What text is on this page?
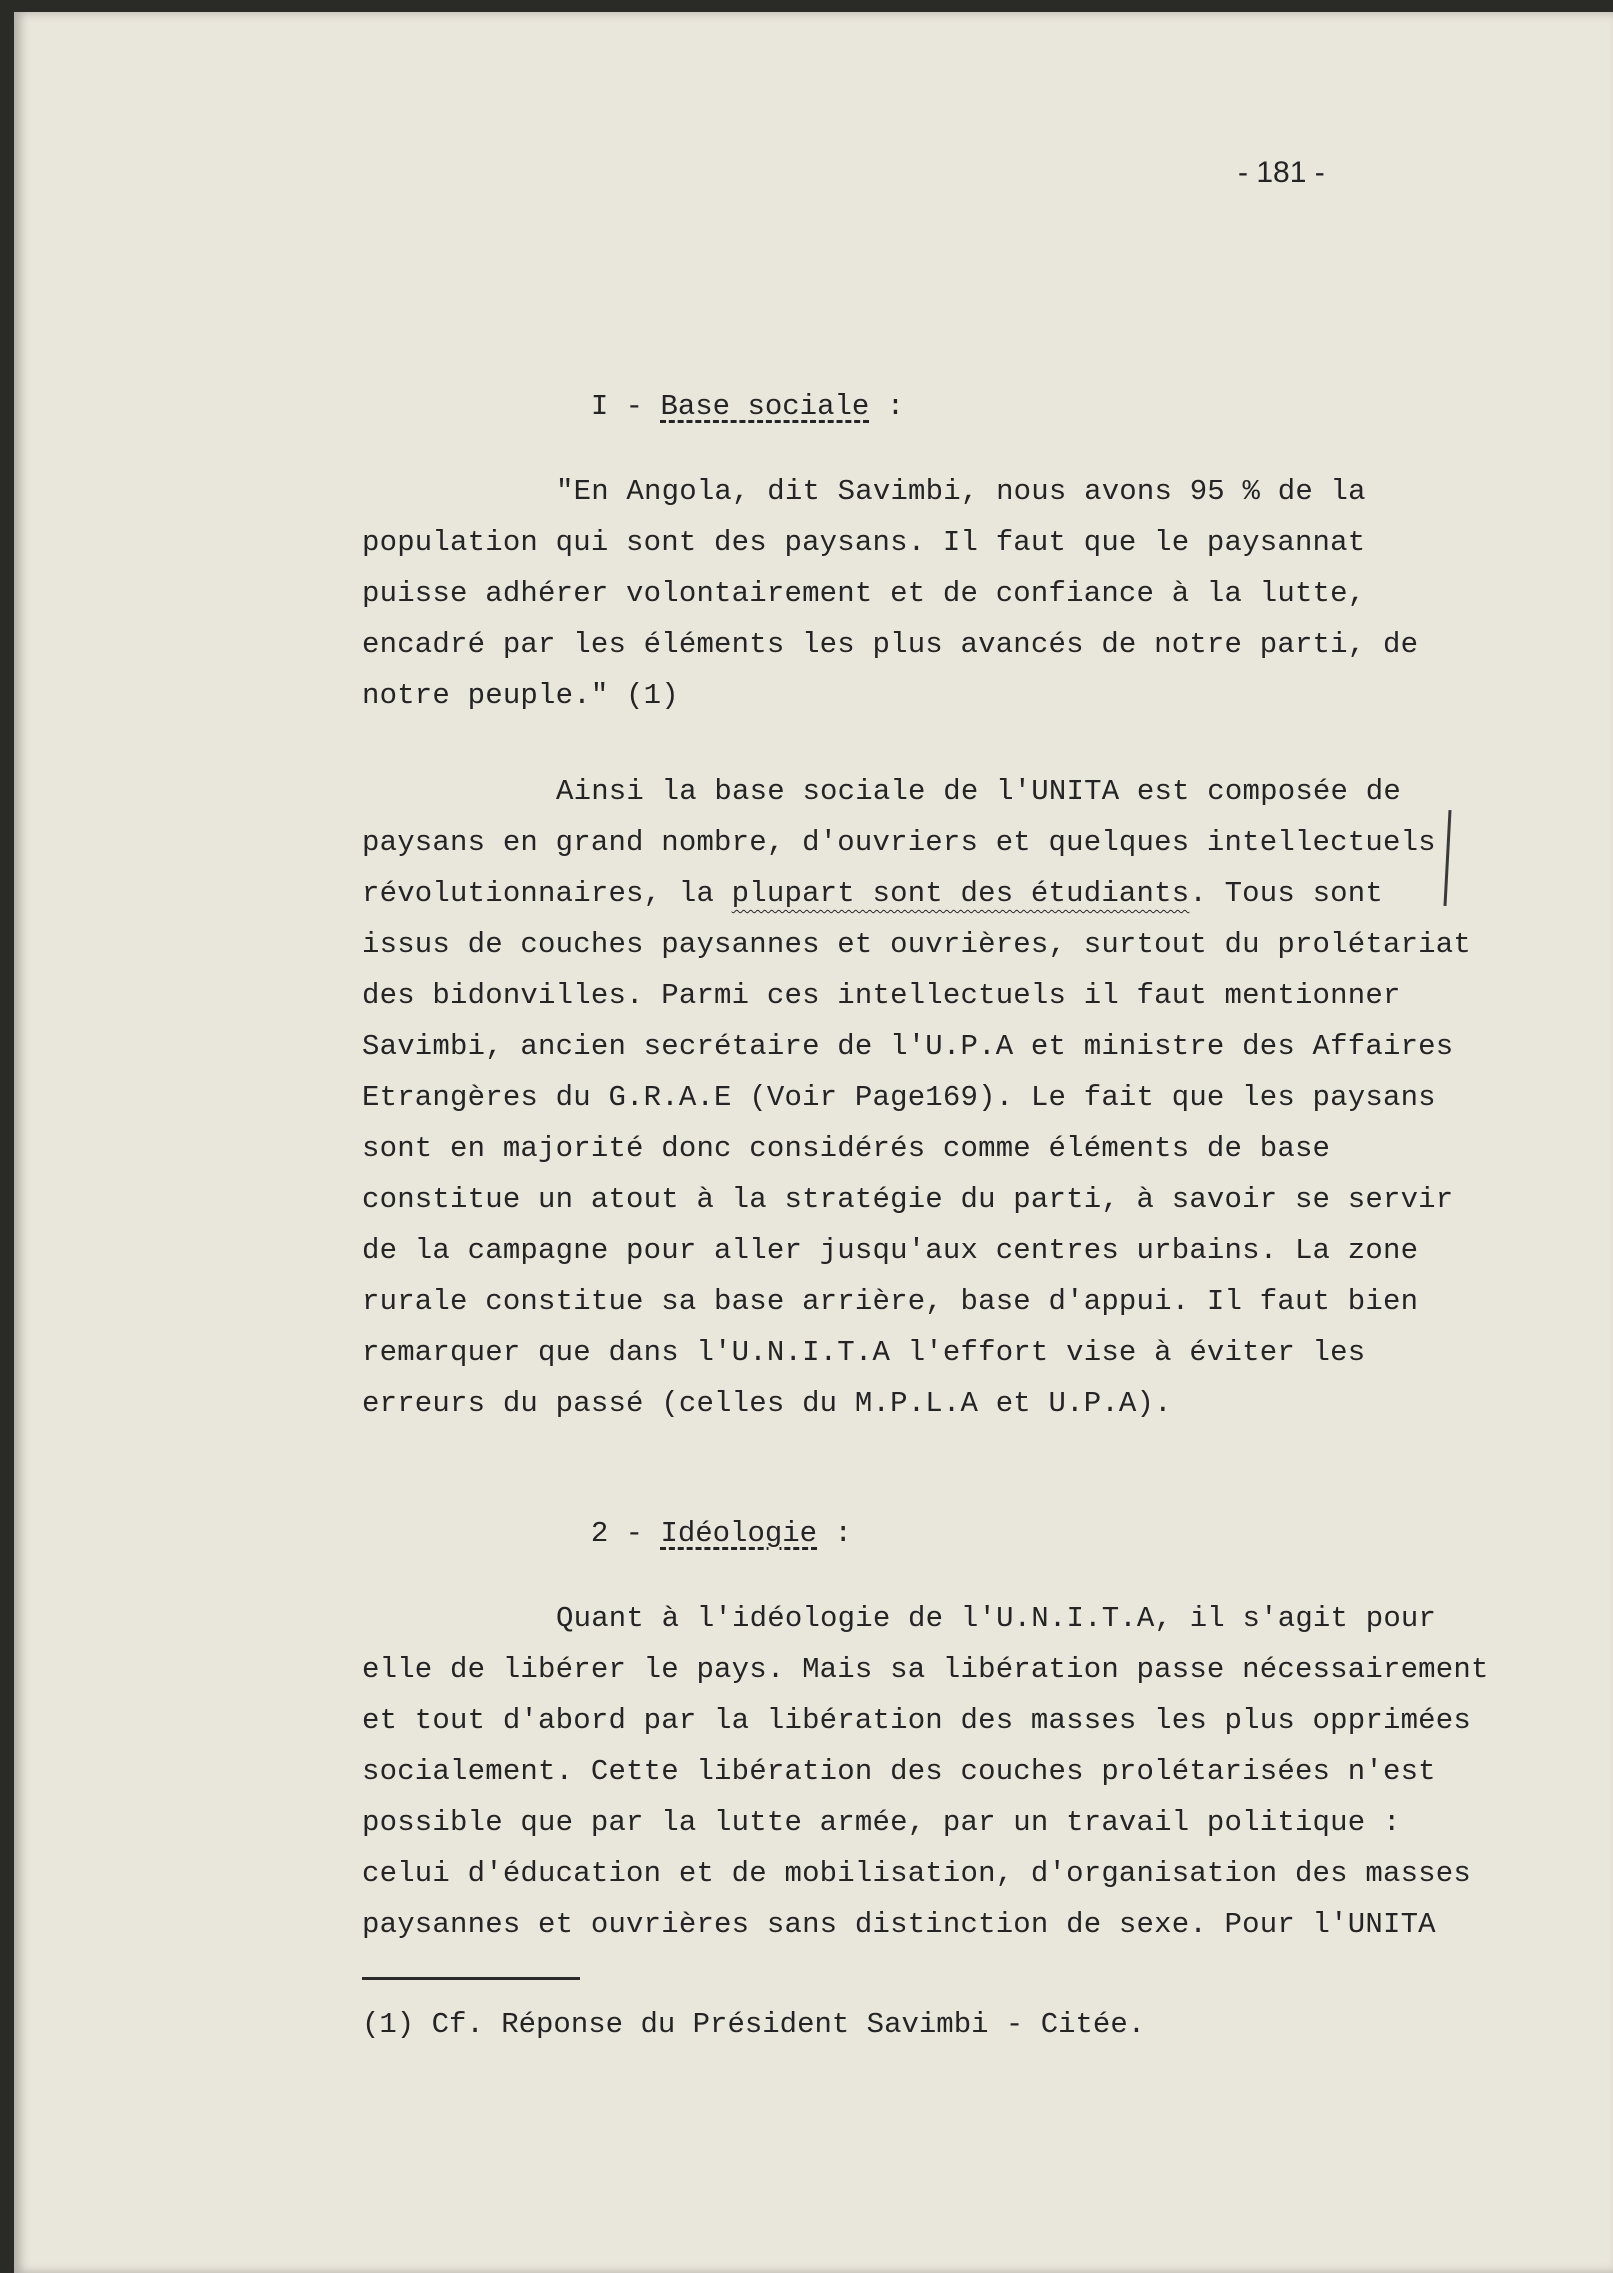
- 181 -

I - Base sociale :

"En Angola, dit Savimbi, nous avons 95 % de la

population qui sont des paysans. Il faut que le paysannat

puisse adhérer volontairement et de confiance à la lutte,

encadré par les éléments les plus avancés de notre parti, de

notre peuple." (1)

Ainsi la base sociale de l'UNITA est composée de

paysans en grand nombre, d'ouvriers et quelques intellectuels

révolutionnaires, la plupart sont des étudiants. Tous sont

issus de couches paysannes et ouvrières, surtout du prolétariat

des bidonvilles. Parmi ces intellectuels il faut mentionner

Savimbi, ancien secrétaire de l'U.P.A et ministre des Affaires

Etrangères du G.R.A.E (Voir Page169). Le fait que les paysans

sont en majorité donc considérés comme éléments de base

constitue un atout à la stratégie du parti, à savoir se servir

de la campagne pour aller jusqu'aux centres urbains. La zone

rurale constitue sa base arrière, base d'appui. Il faut bien

remarquer que dans l'U.N.I.T.A l'effort vise à éviter les

erreurs du passé (celles du M.P.L.A et U.P.A).

2 - Idéologie :

Quant à l'idéologie de l'U.N.I.T.A, il s'agit pour

elle de libérer le pays. Mais sa libération passe nécessairement

et tout d'abord par la libération des masses les plus opprimées

socialement. Cette libération des couches prolétarisées n'est

possible que par la lutte armée, par un travail politique :

celui d'éducation et de mobilisation, d'organisation des masses

paysannes et ouvrières sans distinction de sexe. Pour l'UNITA

(1) Cf. Réponse du Président Savimbi - Citée.
